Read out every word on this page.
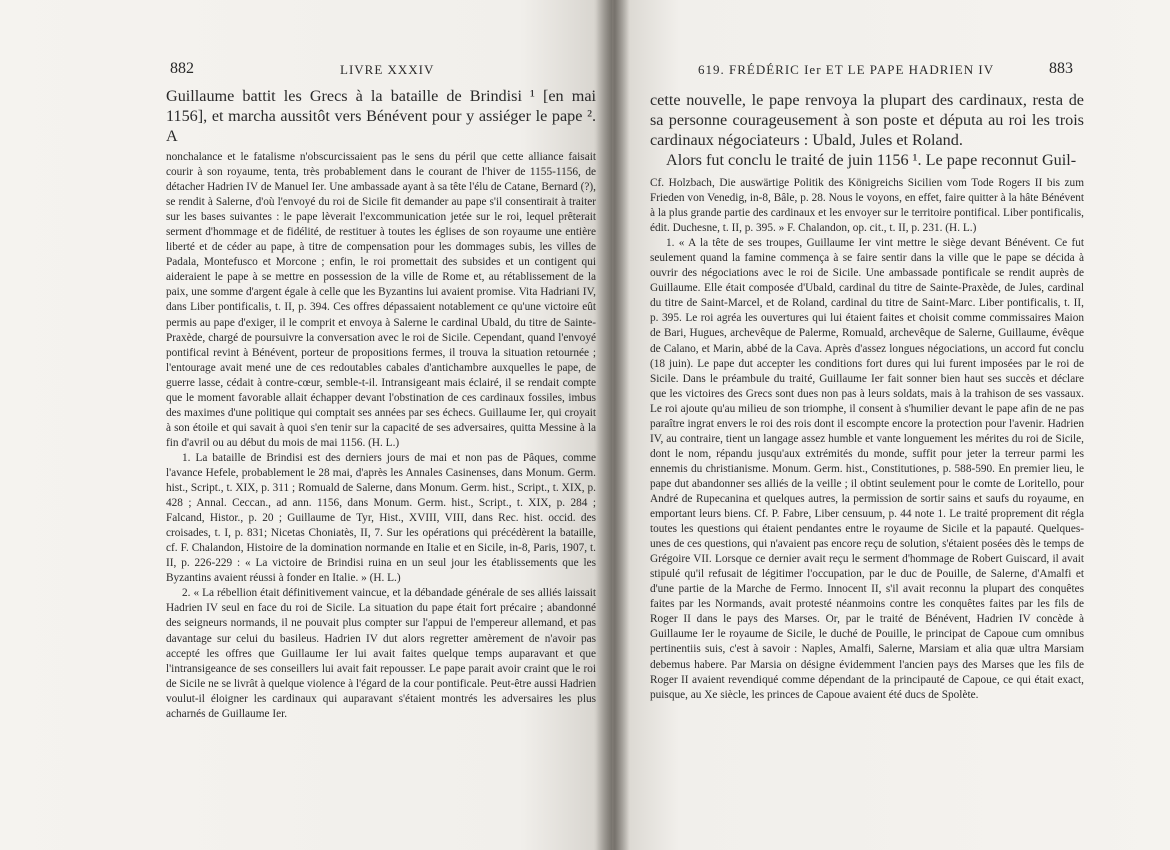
882	LIVRE XXXIV

Guillaume battit les Grecs à la bataille de Brindisi ¹ [en mai 1156], et marcha aussitôt vers Bénévent pour y assiéger le pape ². A

nonchalance et le fatalisme n'obscurcissaient pas le sens du péril que cette alliance faisait courir à son royaume, tenta, très probablement dans le courant de l'hiver de 1155-1156, de détacher Hadrien IV de Manuel Ier. Une ambassade ayant à sa tête l'élu de Catane, Bernard (?), se rendit à Salerne, d'où l'envoyé du roi de Sicile fit demander au pape s'il consentirait à traiter sur les bases suivantes : le pape lèverait l'excommunication jetée sur le roi, lequel prêterait serment d'hommage et de fidélité, de restituer à toutes les églises de son royaume une entière liberté et de céder au pape, à titre de compensation pour les dommages subis, les villes de Padala, Montefusco et Morcone ; enfin, le roi promettait des subsides et un contigent qui aideraient le pape à se mettre en possession de la ville de Rome et, au rétablissement de la paix, une somme d'argent égale à celle que les Byzantins lui avaient promise. Vita Hadriani IV, dans Liber pontificalis, t. II, p. 394. Ces offres dépassaient notablement ce qu'une victoire eût permis au pape d'exiger, il le comprit et envoya à Salerne le cardinal Ubald, du titre de Sainte-Praxède, chargé de poursuivre la conversation avec le roi de Sicile. Cependant, quand l'envoyé pontifical revint à Bénévent, porteur de propositions fermes, il trouva la situation retournée ; l'entourage avait mené une de ces redoutables cabales d'antichambre auxquelles le pape, de guerre lasse, cédait à contre-cœur, semble-t-il. Intransigeant mais éclairé, il se rendait compte que le moment favorable allait échapper devant l'obstination de ces cardinaux fossiles, imbus des maximes d'une politique qui comptait ses années par ses échecs. Guillaume Ier, qui croyait à son étoile et qui savait à quoi s'en tenir sur la capacité de ses adversaires, quitta Messine à la fin d'avril ou au début du mois de mai 1156. (H. L.)

1. La bataille de Brindisi est des derniers jours de mai et non pas de Pâques, comme l'avance Hefele, probablement le 28 mai, d'après les Annales Casinenses, dans Monum. Germ. hist., Script., t. XIX, p. 311 ; Romuald de Salerne, dans Monum. Germ. hist., Script., t. XIX, p. 428 ; Annal. Ceccan., ad ann. 1156, dans Monum. Germ. hist., Script., t. XIX, p. 284 ; Falcand, Histor., p. 20 ; Guillaume de Tyr, Hist., XVIII, VIII, dans Rec. hist. occid. des croisades, t. I, p. 831; Nicetas Choniatès, II, 7. Sur les opérations qui précédèrent la bataille, cf. F. Chalandon, Histoire de la domination normande en Italie et en Sicile, in-8, Paris, 1907, t. II, p. 226-229 : « La victoire de Brindisi ruina en un seul jour les établissements que les Byzantins avaient réussi à fonder en Italie. » (H. L.)

2. « La rébellion était définitivement vaincue, et la débandade générale de ses alliés laissait Hadrien IV seul en face du roi de Sicile. La situation du pape était fort précaire ; abandonné des seigneurs normands, il ne pouvait plus compter sur l'appui de l'empereur allemand, et pas davantage sur celui du basileus. Hadrien IV dut alors regretter amèrement de n'avoir pas accepté les offres que Guillaume Ier lui avait faites quelque temps auparavant et que l'intransigeance de ses conseillers lui avait fait repousser. Le pape parait avoir craint que le roi de Sicile ne se livrât à quelque violence à l'égard de la cour pontificale. Peut-être aussi Hadrien voulut-il éloigner les cardinaux qui auparavant s'étaient montrés les adversaires les plus acharnés de Guillaume Ier.

619. FRÉDÉRIC Ier ET LE PAPE HADRIEN IV	883

cette nouvelle, le pape renvoya la plupart des cardinaux, resta de sa personne courageusement à son poste et députa au roi les trois cardinaux négociateurs : Ubald, Jules et Roland.

Alors fut conclu le traité de juin 1156 ¹. Le pape reconnut Guil-

Cf. Holzbach, Die auswärtige Politik des Königreichs Sicilien vom Tode Rogers II bis zum Frieden von Venedig, in-8, Bâle, p. 28. Nous le voyons, en effet, faire quitter à la hâte Bénévent à la plus grande partie des cardinaux et les envoyer sur le territoire pontifical. Liber pontificalis, édit. Duchesne, t. II, p. 395. » F. Chalandon, op. cit., t. II, p. 231. (H. L.)

1. « A la tête de ses troupes, Guillaume Ier vint mettre le siège devant Bénévent. Ce fut seulement quand la famine commença à se faire sentir dans la ville que le pape se décida à ouvrir des négociations avec le roi de Sicile. Une ambassade pontificale se rendit auprès de Guillaume. Elle était composée d'Ubald, cardinal du titre de Sainte-Praxède, de Jules, cardinal du titre de Saint-Marcel, et de Roland, cardinal du titre de Saint-Marc. Liber pontificalis, t. II, p. 395. Le roi agréa les ouvertures qui lui étaient faites et choisit comme commissaires Maion de Bari, Hugues, archevêque de Palerme, Romuald, archevêque de Salerne, Guillaume, évêque de Calano, et Marin, abbé de la Cava. Après d'assez longues négociations, un accord fut conclu (18 juin). Le pape dut accepter les conditions fort dures qui lui furent imposées par le roi de Sicile. Dans le préambule du traité, Guillaume Ier fait sonner bien haut ses succès et déclare que les victoires des Grecs sont dues non pas à leurs soldats, mais à la trahison de ses vassaux. Le roi ajoute qu'au milieu de son triomphe, il consent à s'humilier devant le pape afin de ne pas paraître ingrat envers le roi des rois dont il escompte encore la protection pour l'avenir. Hadrien IV, au contraire, tient un langage assez humble et vante longuement les mérites du roi de Sicile, dont le nom, répandu jusqu'aux extrémités du monde, suffit pour jeter la terreur parmi les ennemis du christianisme. Monum. Germ. hist., Constitutiones, p. 588-590. En premier lieu, le pape dut abandonner ses alliés de la veille ; il obtint seulement pour le comte de Loritello, pour André de Rupecanina et quelques autres, la permission de sortir sains et saufs du royaume, en emportant leurs biens. Cf. P. Fabre, Liber censuum, p. 44 note 1. Le traité proprement dit régla toutes les questions qui étaient pendantes entre le royaume de Sicile et la papauté. Quelques-unes de ces questions, qui n'avaient pas encore reçu de solution, s'étaient posées dès le temps de Grégoire VII. Lorsque ce dernier avait reçu le serment d'hommage de Robert Guiscard, il avait stipulé qu'il refusait de légitimer l'occupation, par le duc de Pouille, de Salerne, d'Amalfi et d'une partie de la Marche de Fermo. Innocent II, s'il avait reconnu la plupart des conquêtes faites par les Normands, avait protesté néanmoins contre les conquêtes faites par les fils de Roger II dans le pays des Marses. Or, par le traité de Bénévent, Hadrien IV concède à Guillaume Ier le royaume de Sicile, le duché de Pouille, le principat de Capoue cum omnibus pertinentiis suis, c'est à savoir : Naples, Amalfi, Salerne, Marsiam et alia quæ ultra Marsiam debemus habere. Par Marsia on désigne évidemment l'ancien pays des Marses que les fils de Roger II avaient revendiqué comme dépendant de la principauté de Capoue, ce qui était exact, puisque, au Xe siècle, les princes de Capoue avaient été ducs de Spolète.
